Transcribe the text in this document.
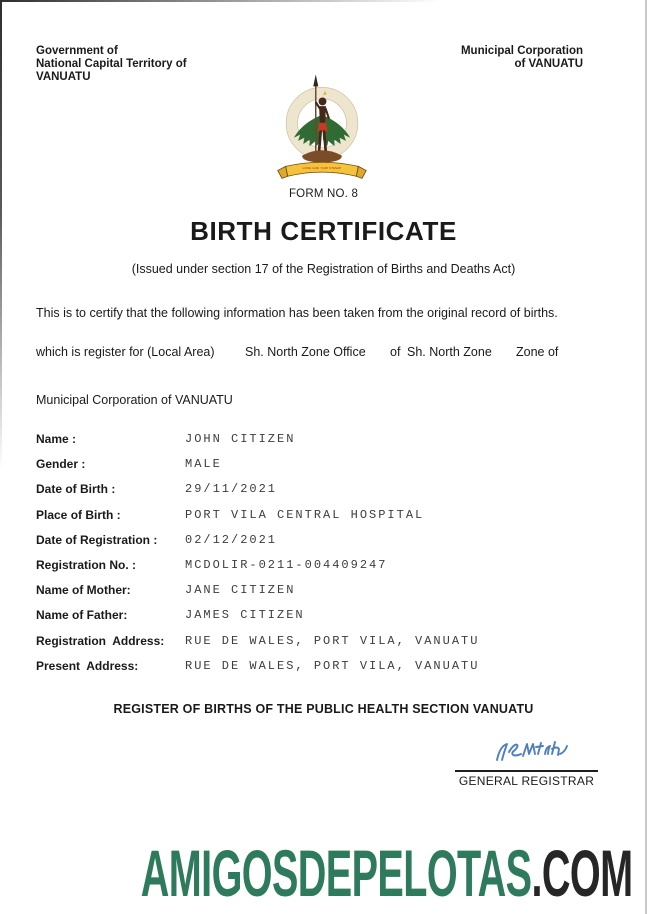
Government of
National Capital Territory of
VANUATU
Municipal Corporation
of VANUATU
LONG GOD YUMI STANAP
FORM NO. 8
BIRTH CERTIFICATE
(Issued under section 17 of the Registration of Births and Deaths Act)
This is to certify that the following information has been taken from the original record of births.
which is register for (Local Area) Sh. North Zone Office of Sh. North Zone Zone of
Municipal Corporation of VANUATU
Name :	JOHN CITIZEN
Gender :	MALE
Date of Birth :	29/11/2021
Place of Birth :	PORT VILA CENTRAL HOSPITAL
Date of Registration : 02/12/2021
Registration No. :	MCDOLIR-0211-004409247
Name of Mother:	JANE CITIZEN
Name of Father:	JAMES CITIZEN
Registration  Address: RUE DE WALES, PORT VILA, VANUATU
Present  Address:	RUE DE WALES, PORT VILA, VANUATU
REGISTER OF BIRTHS OF THE PUBLIC HEALTH SECTION VANUATU
GENERAL REGISTRAR
AMIGOSDEPELOTAS.COM
